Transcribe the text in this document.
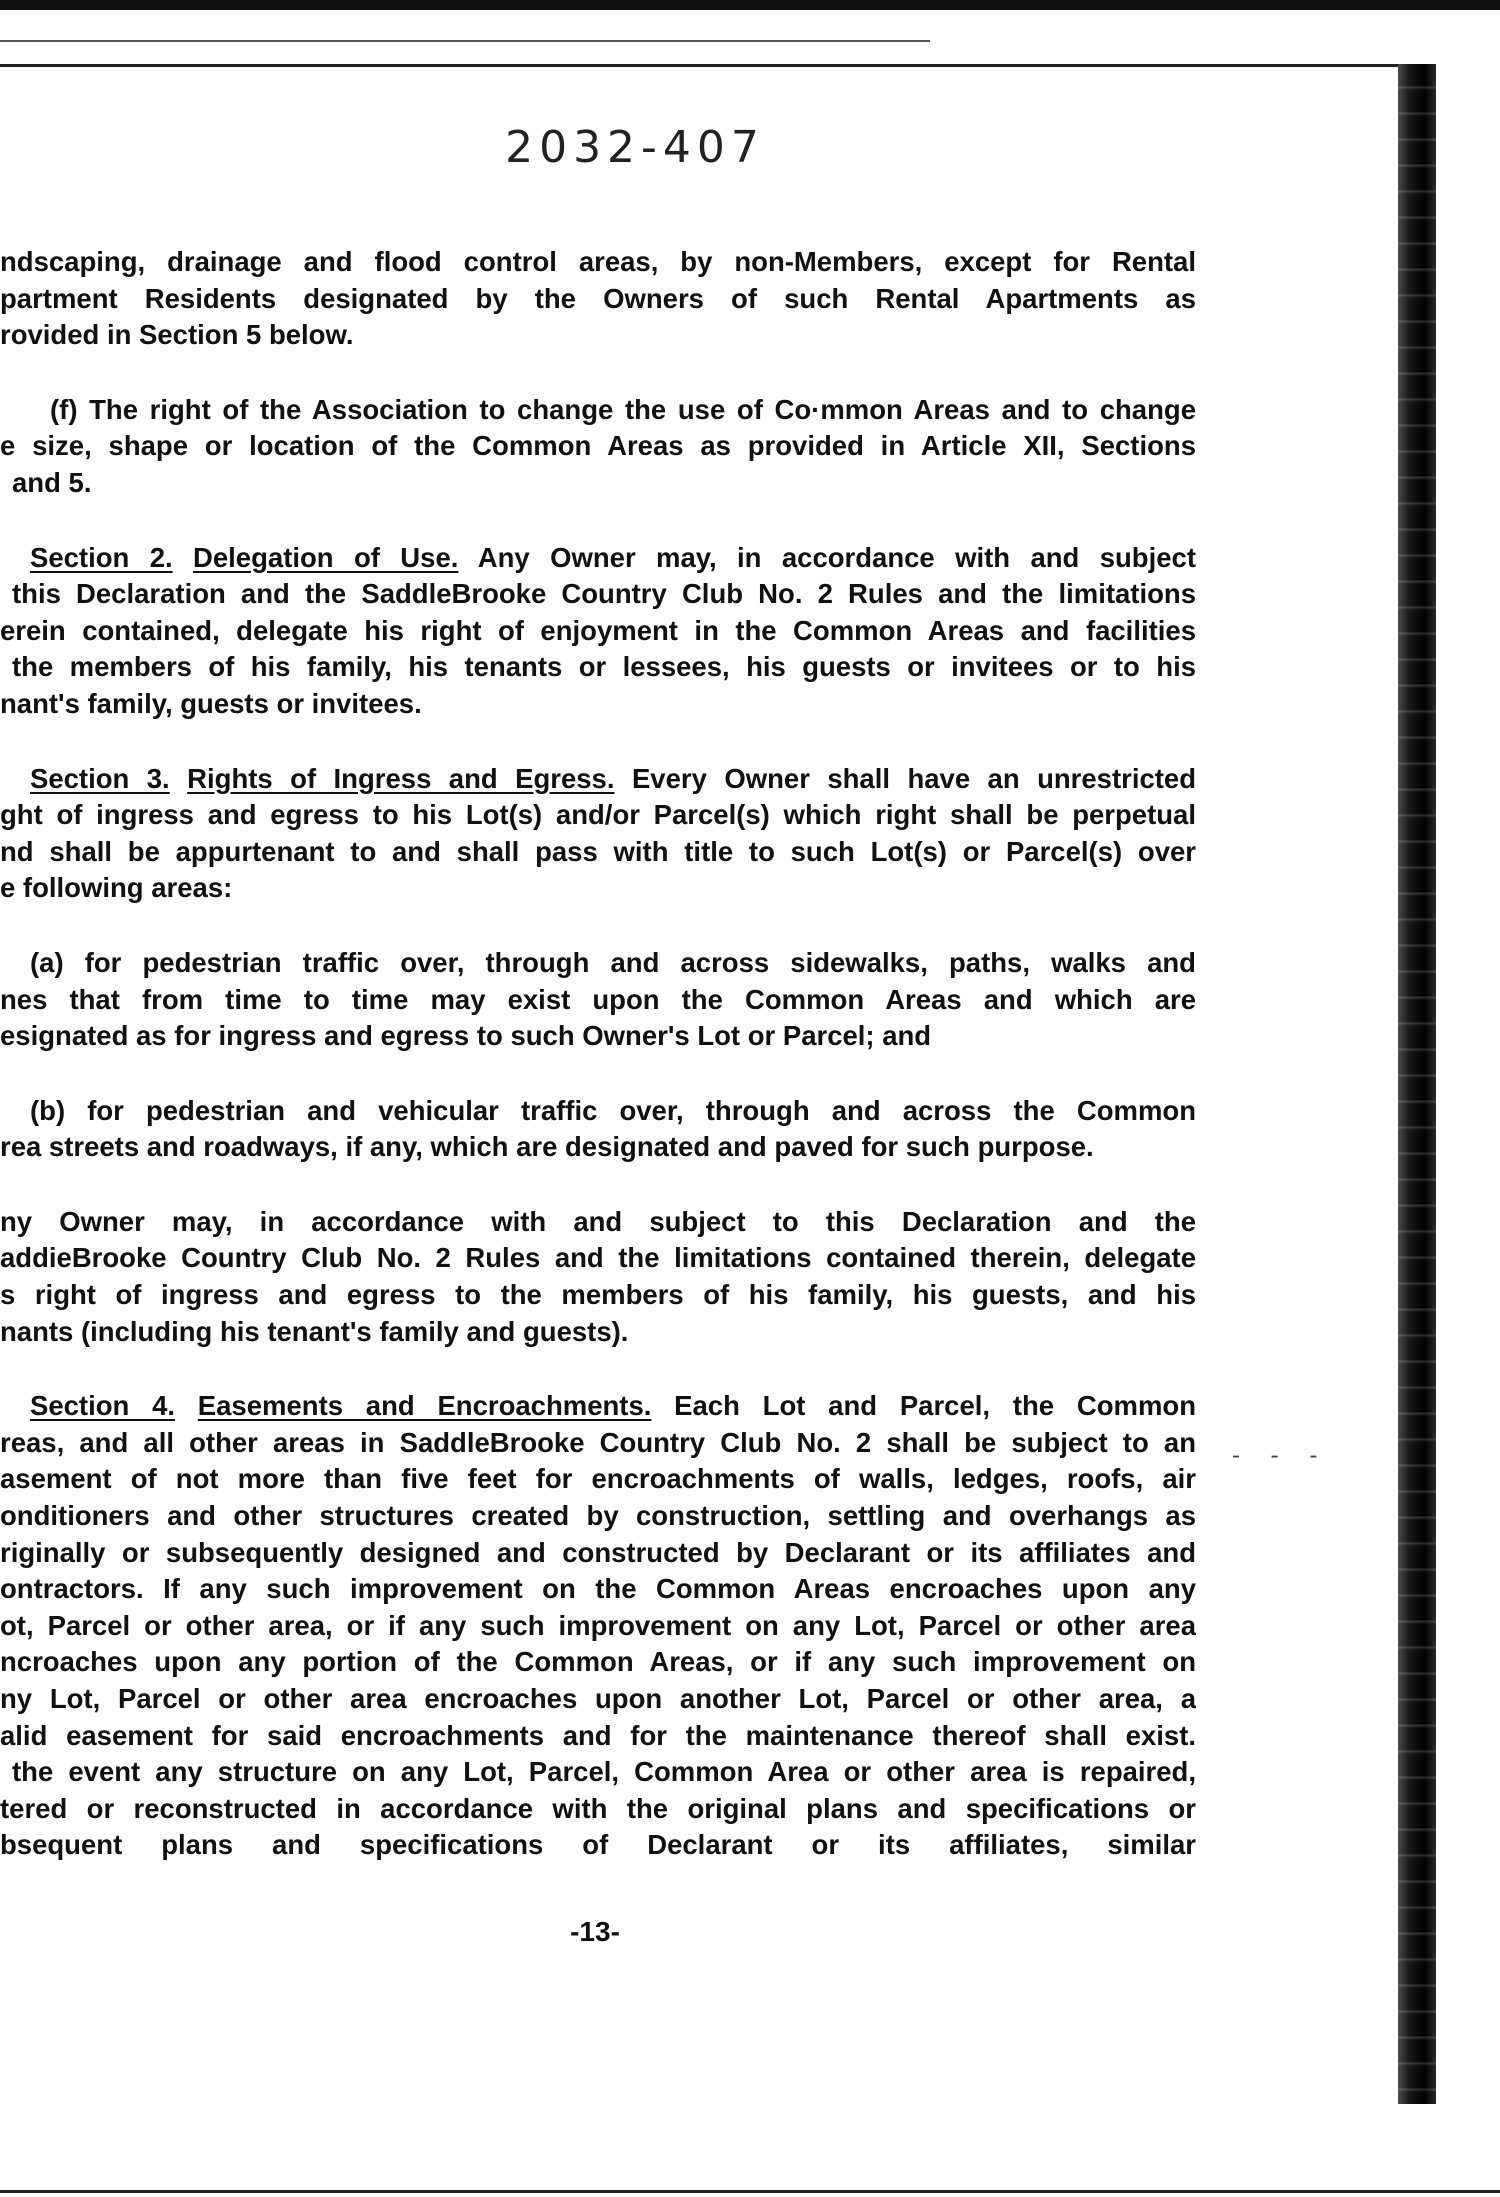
2032-407
ndscaping, drainage and flood control areas, by non-Members, except for Rental
partment Residents designated by the Owners of such Rental Apartments as
rovided in Section 5 below.
(f) The right of the Association to change the use of Co·mmon Areas and to change
e size, shape or location of the Common Areas as provided in Article XII, Sections
and 5.
Section 2. Delegation of Use. Any Owner may, in accordance with and subject
this Declaration and the SaddleBrooke Country Club No. 2 Rules and the limitations
erein contained, delegate his right of enjoyment in the Common Areas and facilities
the members of his family, his tenants or lessees, his guests or invitees or to his
nant's family, guests or invitees.
Section 3. Rights of Ingress and Egress. Every Owner shall have an unrestricted
ght of ingress and egress to his Lot(s) and/or Parcel(s) which right shall be perpetual
nd shall be appurtenant to and shall pass with title to such Lot(s) or Parcel(s) over
e following areas:
(a) for pedestrian traffic over, through and across sidewalks, paths, walks and
nes that from time to time may exist upon the Common Areas and which are
esignated as for ingress and egress to such Owner's Lot or Parcel; and
(b) for pedestrian and vehicular traffic over, through and across the Common
rea streets and roadways, if any, which are designated and paved for such purpose.
ny Owner may, in accordance with and subject to this Declaration and the
addieBrooke Country Club No. 2 Rules and the limitations contained therein, delegate
s right of ingress and egress to the members of his family, his guests, and his
nants (including his tenant's family and guests).
Section 4. Easements and Encroachments. Each Lot and Parcel, the Common
reas, and all other areas in SaddleBrooke Country Club No. 2 shall be subject to an
asement of not more than five feet for encroachments of walls, ledges, roofs, air
onditioners and other structures created by construction, settling and overhangs as
riginally or subsequently designed and constructed by Declarant or its affiliates and
ontractors. If any such improvement on the Common Areas encroaches upon any
ot, Parcel or other area, or if any such improvement on any Lot, Parcel or other area
ncroaches upon any portion of the Common Areas, or if any such improvement on
ny Lot, Parcel or other area encroaches upon another Lot, Parcel or other area, a
alid easement for said encroachments and for the maintenance thereof shall exist.
the event any structure on any Lot, Parcel, Common Area or other area is repaired,
tered or reconstructed in accordance with the original plans and specifications or
bsequent plans and specifications of Declarant or its affiliates, similar
- - -
-13-
